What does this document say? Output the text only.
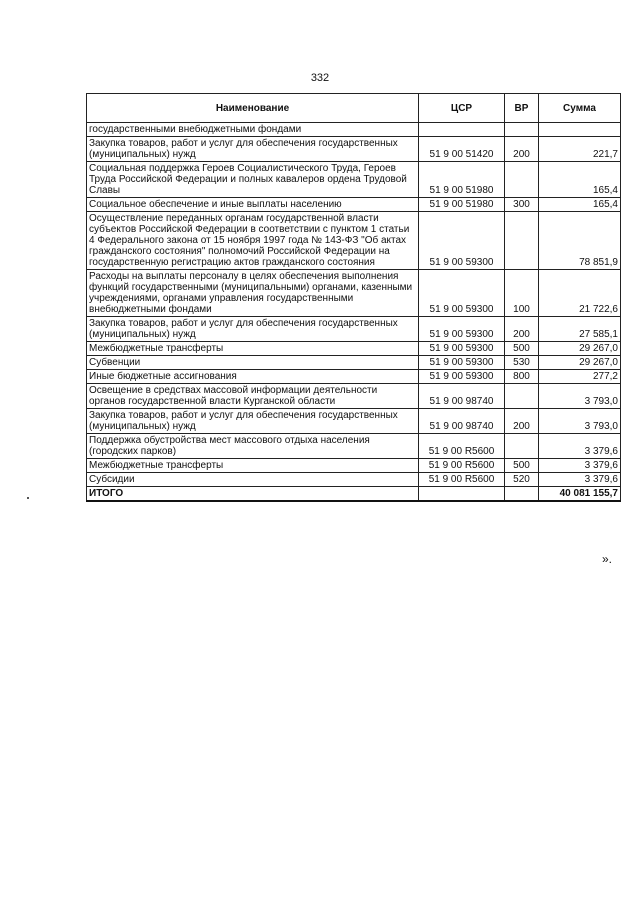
332
Наименование	ЦСР	ВР	Сумма
государственными внебюджетными фондами			
Закупка товаров, работ и услуг для обеспечения государственных (муниципальных) нужд	51 9 00 51420	200	221,7
Социальная поддержка Героев Социалистического Труда, Героев Труда Российской Федерации и полных кавалеров ордена Трудовой Славы	51 9 00 51980		165,4
Социальное обеспечение и иные выплаты населению	51 9 00 51980	300	165,4
Осуществление переданных органам государственной власти субъектов Российской Федерации в соответствии с пунктом 1 статьи 4 Федерального закона от 15 ноября 1997 года № 143-ФЗ "Об актах гражданского состояния" полномочий Российской Федерации на государственную регистрацию актов гражданского состояния	51 9 00 59300		78 851,9
Расходы на выплаты персоналу в целях обеспечения выполнения функций государственными (муниципальными) органами, казенными учреждениями, органами управления государственными внебюджетными фондами	51 9 00 59300	100	21 722,6
Закупка товаров, работ и услуг для обеспечения государственных (муниципальных) нужд	51 9 00 59300	200	27 585,1
Межбюджетные трансферты	51 9 00 59300	500	29 267,0
Субвенции	51 9 00 59300	530	29 267,0
Иные бюджетные ассигнования	51 9 00 59300	800	277,2
Освещение в средствах массовой информации деятельности органов государственной власти Курганской области	51 9 00 98740		3 793,0
Закупка товаров, работ и услуг для обеспечения государственных (муниципальных) нужд	51 9 00 98740	200	3 793,0
Поддержка обустройства мест массового отдыха населения (городских парков)	51 9 00 R5600		3 379,6
Межбюджетные трансферты	51 9 00 R5600	500	3 379,6
Субсидии	51 9 00 R5600	520	3 379,6
ИТОГО			40 081 155,7
».
